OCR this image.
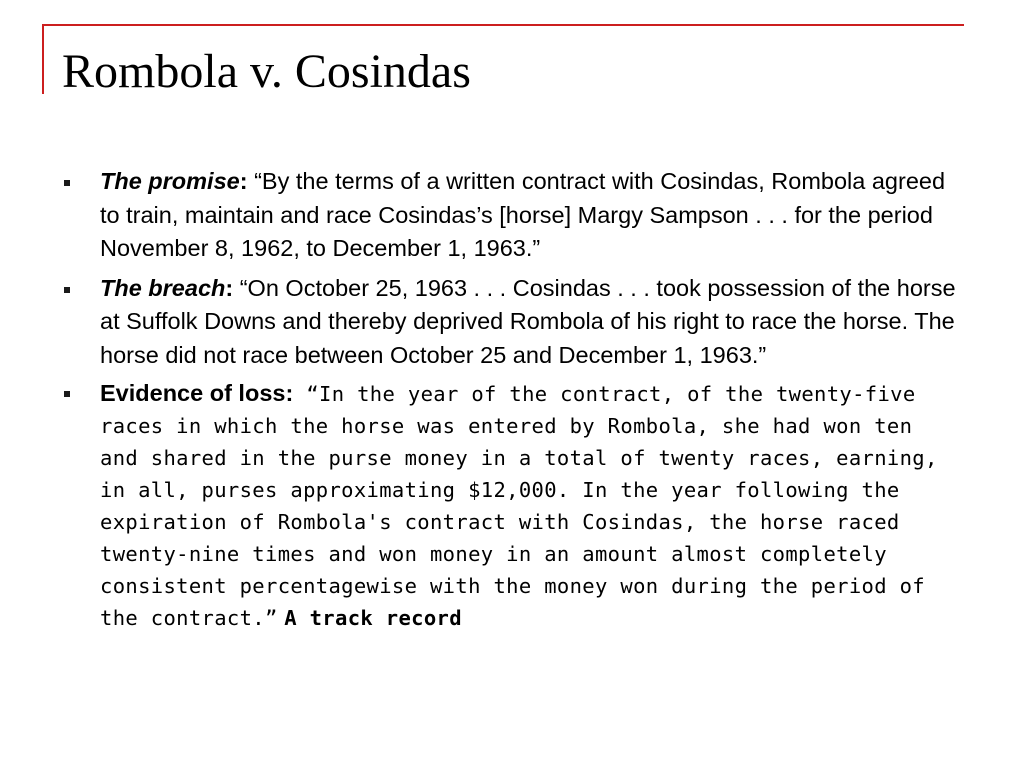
Rombola v. Cosindas
The promise: “By the terms of a written contract with Cosindas, Rombola agreed to train, maintain and race Cosindas’s [horse] Margy Sampson . . . for the period November 8, 1962, to December 1, 1963.”
The breach: “On October 25, 1963 . . . Cosindas . . . took possession of the horse at Suffolk Downs and thereby deprived Rombola of his right to race the horse. The horse did not race between October 25 and December 1, 1963.”
Evidence of loss: “In the year of the contract, of the twenty-five races in which the horse was entered by Rombola, she had won ten and shared in the purse money in a total of twenty races, earning, in all, purses approximating $12,000. In the year following the expiration of Rombola's contract with Cosindas, the horse raced twenty-nine times and won money in an amount almost completely consistent percentagewise with the money won during the period of the contract.” A track record
